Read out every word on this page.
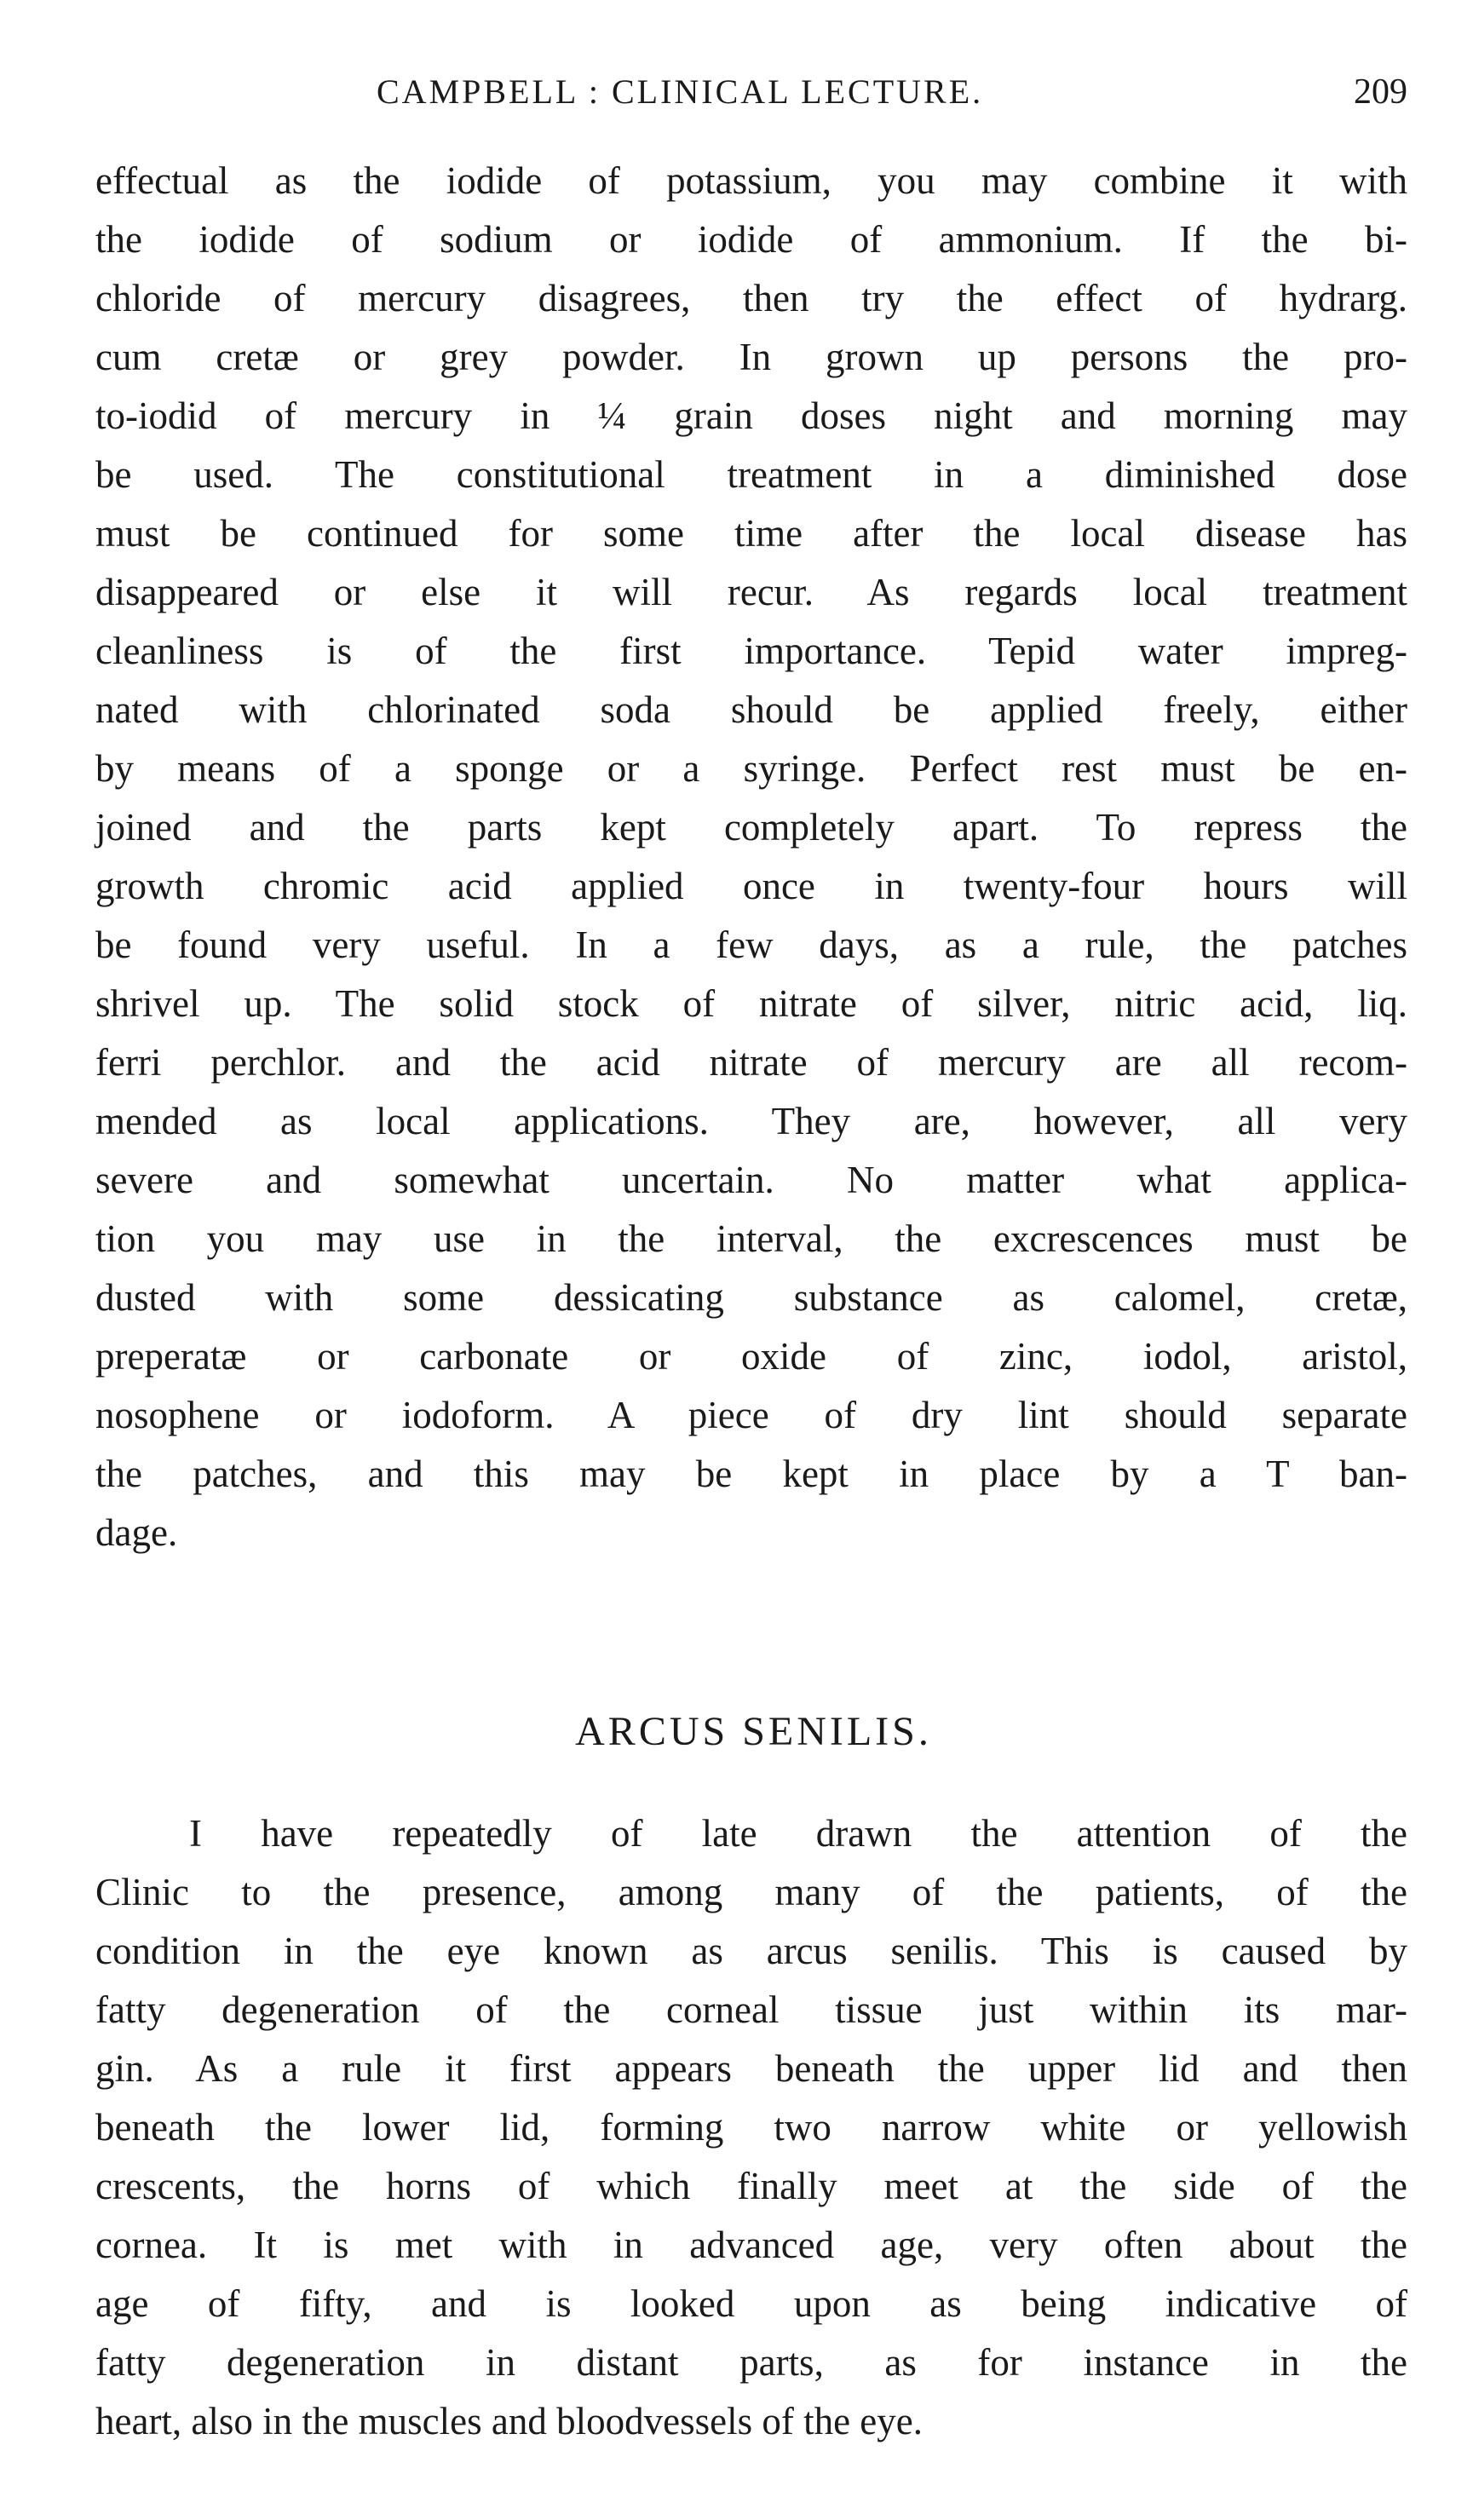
CAMPBELL : CLINICAL LECTURE.	209
effectual as the iodide of potassium, you may combine it with
the iodide of sodium or iodide of ammonium. If the bi-
chloride of mercury disagrees, then try the effect of hydrarg.
cum cretæ or grey powder. In grown up persons the pro-
to-iodid of mercury in ¼ grain doses night and morning may
be used. The constitutional treatment in a diminished dose
must be continued for some time after the local disease has
disappeared or else it will recur. As regards local treatment
cleanliness is of the first importance. Tepid water impreg-
nated with chlorinated soda should be applied freely, either
by means of a sponge or a syringe. Perfect rest must be en-
joined and the parts kept completely apart. To repress the
growth chromic acid applied once in twenty-four hours will
be found very useful. In a few days, as a rule, the patches
shrivel up. The solid stock of nitrate of silver, nitric acid, liq.
ferri perchlor. and the acid nitrate of mercury are all recom-
mended as local applications. They are, however, all very
severe and somewhat uncertain. No matter what applica-
tion you may use in the interval, the excrescences must be
dusted with some dessicating substance as calomel, cretæ,
preperatæ or carbonate or oxide of zinc, iodol, aristol,
nosophene or iodoform. A piece of dry lint should separate
the patches, and this may be kept in place by a T ban-
dage.
ARCUS SENILIS.
I have repeatedly of late drawn the attention of the
Clinic to the presence, among many of the patients, of the
condition in the eye known as arcus senilis. This is caused by
fatty degeneration of the corneal tissue just within its mar-
gin. As a rule it first appears beneath the upper lid and then
beneath the lower lid, forming two narrow white or yellowish
crescents, the horns of which finally meet at the side of the
cornea. It is met with in advanced age, very often about the
age of fifty, and is looked upon as being indicative of
fatty degeneration in distant parts, as for instance in the
heart, also in the muscles and bloodvessels of the eye.
